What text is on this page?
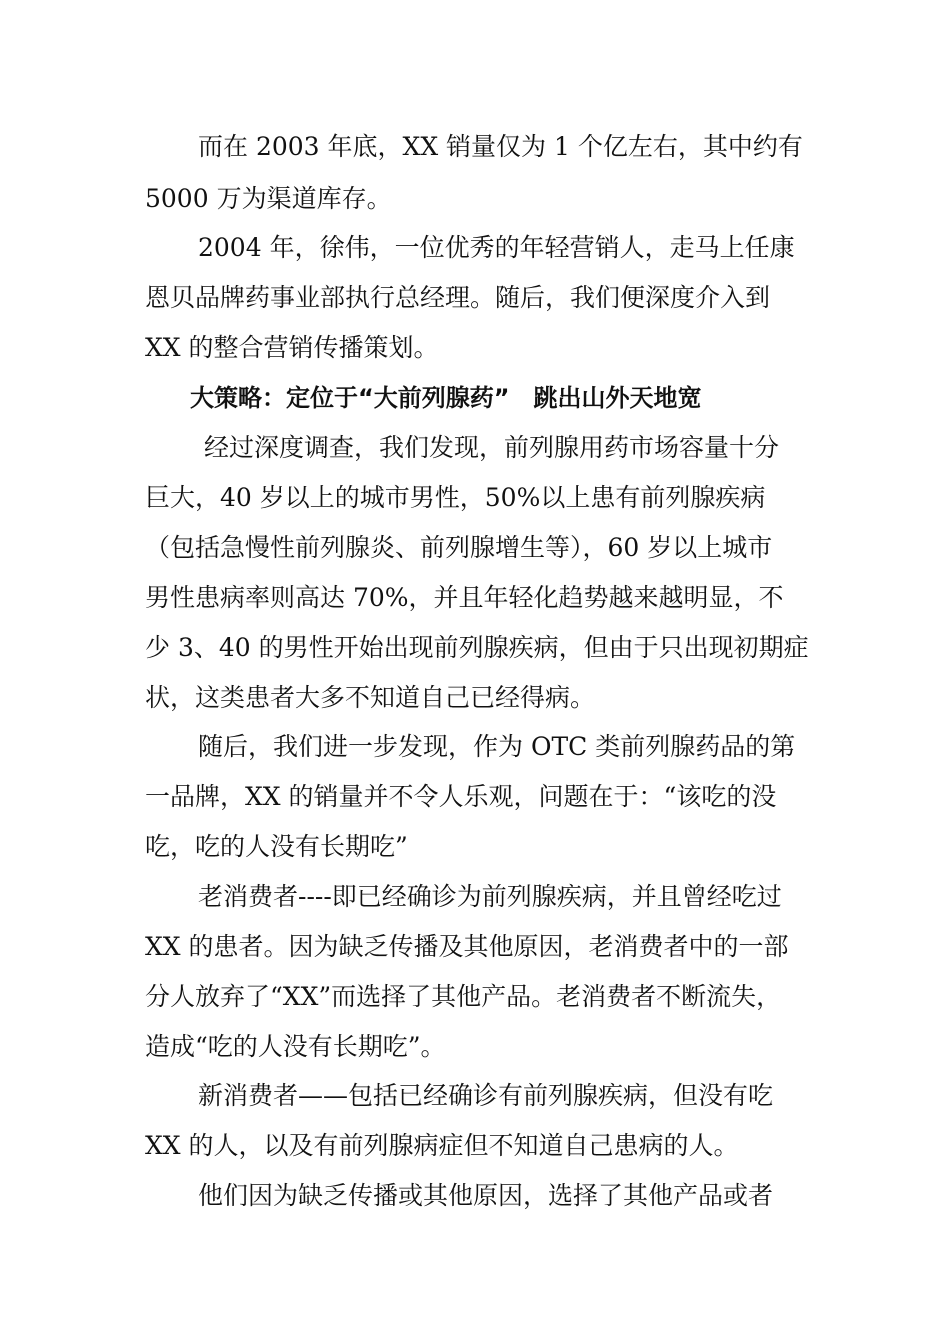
而在 2003 年底，XX 销量仅为 1 个亿左右，其中约有

5000 万为渠道库存。

2004 年，徐伟，一位优秀的年轻营销人，走马上任康

恩贝品牌药事业部执行总经理。随后，我们便深度介入到

XX 的整合营销传播策划。

大策略：定位于“大前列腺药”　跳出山外天地宽

经过深度调查，我们发现，前列腺用药市场容量十分

巨大，40 岁以上的城市男性，50%以上患有前列腺疾病

（包括急慢性前列腺炎、前列腺增生等），60 岁以上城市

男性患病率则高达 70%，并且年轻化趋势越来越明显，不

少 3、40 的男性开始出现前列腺疾病，但由于只出现初期症

状，这类患者大多不知道自己已经得病。

随后，我们进一步发现，作为 OTC 类前列腺药品的第

一品牌，XX 的销量并不令人乐观，问题在于：“该吃的没

吃，吃的人没有长期吃”

老消费者----即已经确诊为前列腺疾病，并且曾经吃过

XX 的患者。因为缺乏传播及其他原因，老消费者中的一部

分人放弃了“XX”而选择了其他产品。老消费者不断流失，

造成“吃的人没有长期吃”。

新消费者——包括已经确诊有前列腺疾病，但没有吃

XX 的人，以及有前列腺病症但不知道自己患病的人。

他们因为缺乏传播或其他原因，选择了其他产品或者
